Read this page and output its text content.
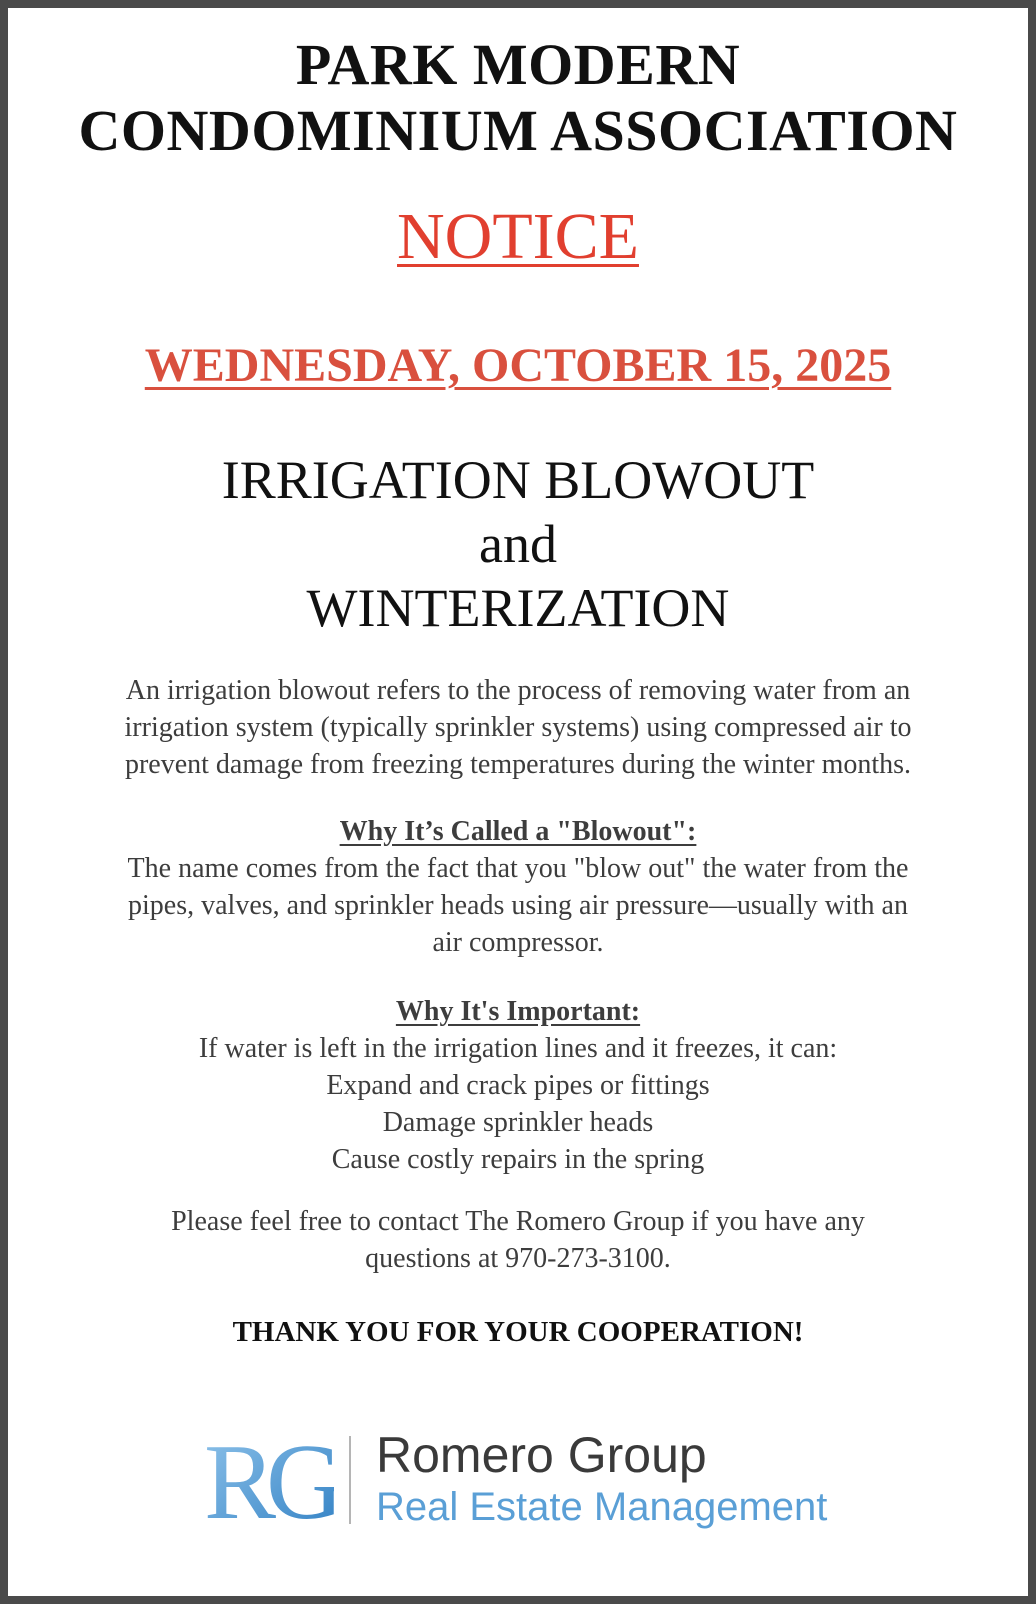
PARK MODERN
CONDOMINIUM ASSOCIATION
NOTICE
WEDNESDAY, OCTOBER 15, 2025
IRRIGATION BLOWOUT
and
WINTERIZATION
An irrigation blowout refers to the process of removing water from an
irrigation system (typically sprinkler systems) using compressed air to
prevent damage from freezing temperatures during the winter months.
Why It’s Called a "Blowout":
The name comes from the fact that you "blow out" the water from the
pipes, valves, and sprinkler heads using air pressure—usually with an
air compressor.
Why It's Important:
If water is left in the irrigation lines and it freezes, it can:
Expand and crack pipes or fittings
Damage sprinkler heads
Cause costly repairs in the spring
Please feel free to contact The Romero Group if you have any
questions at 970-273-3100.
THANK YOU FOR YOUR COOPERATION!
RG Romero Group
Real Estate Management
